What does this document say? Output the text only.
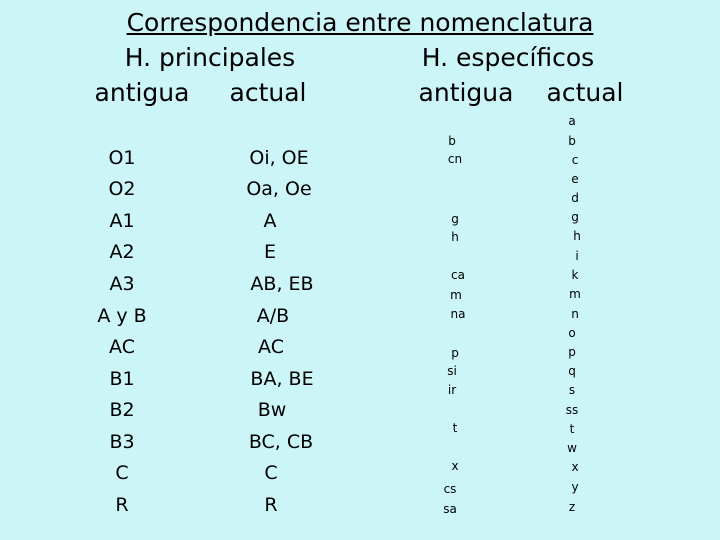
Correspondencia entre nomenclatura
H. principales	H. específicos
antigua actual	antigua actual
O1
O2
A1
A2
A3
A y B
AC
B1
B2
B3
C
R
Oi, OE
Oa, Oe
A
E
AB, EB
A/B
AC
BA, BE
Bw
BC, CB
C
R
b
cn
g
h
ca
m
na
p
si
ir
t
x
cs
sa
a
b
c
e
d
g
h
i
k
m
n
o
p
q
s
ss
t
w
x
y
z
